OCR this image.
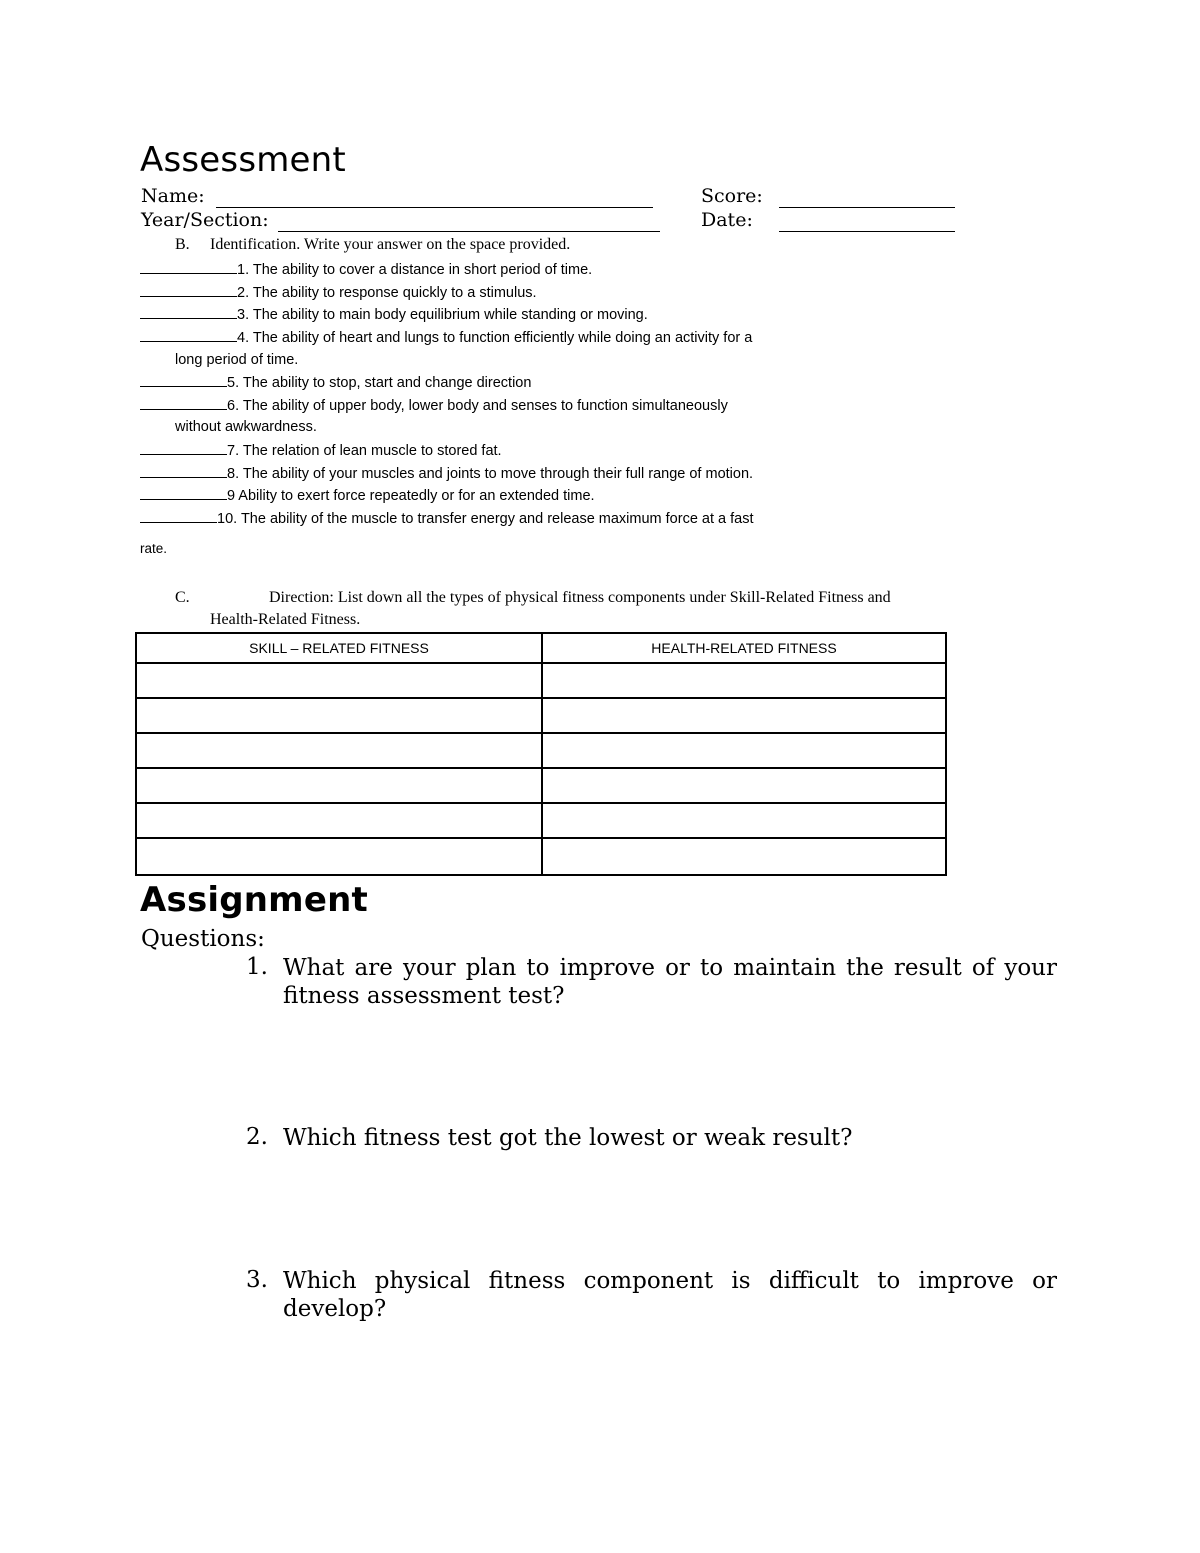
Assessment
Name:	Score:
Year/Section:	Date:
B. Identification. Write your answer on the space provided.
1. The ability to cover a distance in short period of time.
2. The ability to response quickly to a stimulus.
3. The ability to main body equilibrium while standing or moving.
4. The ability of heart and lungs to function efficiently while doing an activity for a
long period of time.
5. The ability to stop, start and change direction
6. The ability of upper body, lower body and senses to function simultaneously
without awkwardness.
7. The relation of lean muscle to stored fat.
8. The ability of your muscles and joints to move through their full range of motion.
9 Ability to exert force repeatedly or for an extended time.
10. The ability of the muscle to transfer energy and release maximum force at a fast
rate.
C.	Direction: List down all the types of physical fitness components under Skill-Related Fitness and
Health-Related Fitness.
SKILL – RELATED FITNESS	HEALTH-RELATED FITNESS

Assignment
Questions:
1. What are your plan to improve or to maintain the result of your
fitness assessment test?
2. Which fitness test got the lowest or weak result?
3. Which physical fitness component is difficult to improve or
develop?
